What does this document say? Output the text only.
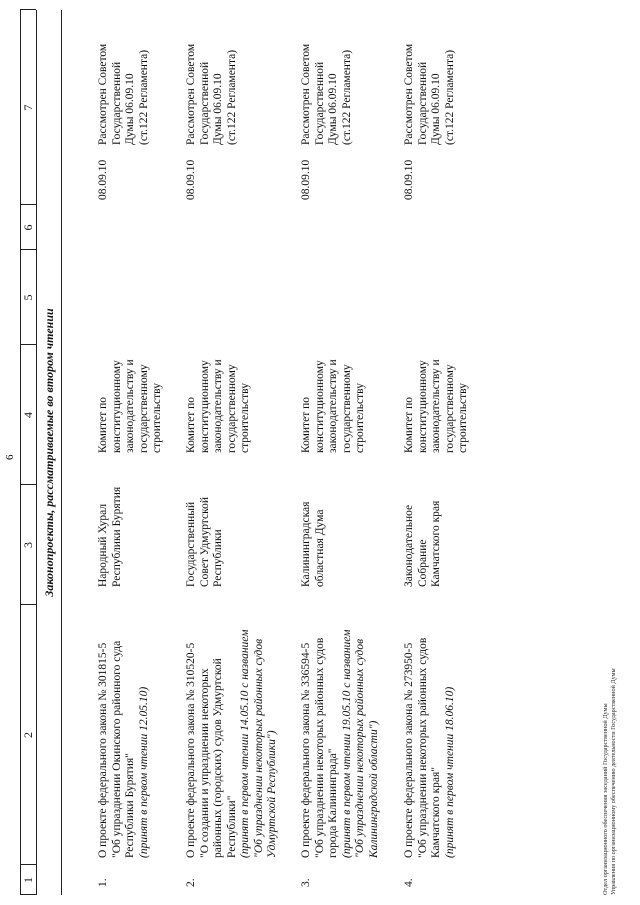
6
1
2
3
4
5
6
7
Законопроекты, рассматриваемые во втором чтении
1.
О проекте федерального закона № 301815-5 "Об упразднении Окинского районного суда Республики Бурятия" (принят в первом чтении 12.05.10)
Народный Хурал Республики Бурятия
Комитет по конституционному законодательству и государственному строительству
08.09.10
Рассмотрен Советом Государственной Думы 06.09.10 (ст.122 Регламента)
2.
О проекте федерального закона № 310520-5 "О создании и упразднении некоторых районных (городских) судов Удмуртской Республики" (принят в первом чтении 14.05.10 с названием "Об упразднении некоторых районных судов Удмуртской Республики")
Государственный Совет Удмуртской Республики
Комитет по конституционному законодательству и государственному строительству
08.09.10
Рассмотрен Советом Государственной Думы 06.09.10 (ст.122 Регламента)
3.
О проекте федерального закона № 336594-5 "Об упразднении некоторых районных судов города Калининграда" (принят в первом чтении 19.05.10 с названием "Об упразднении некоторых районных судов Калининградской области")
Калининградская областная Дума
Комитет по конституционному законодательству и государственному строительству
08.09.10
Рассмотрен Советом Государственной Думы 06.09.10 (ст.122 Регламента)
4.
О проекте федерального закона № 273950-5 "Об упразднении некоторых районных судов Камчатского края" (принят в первом чтении 18.06.10)
Законодательное Собрание Камчатского края
Комитет по конституционному законодательству и государственному строительству
08.09.10
Рассмотрен Советом Государственной Думы 06.09.10 (ст.122 Регламента)
Отдел организационного обеспечения заседаний Государственной Думы Управления по организационному обеспечению деятельности Государственной Думы
